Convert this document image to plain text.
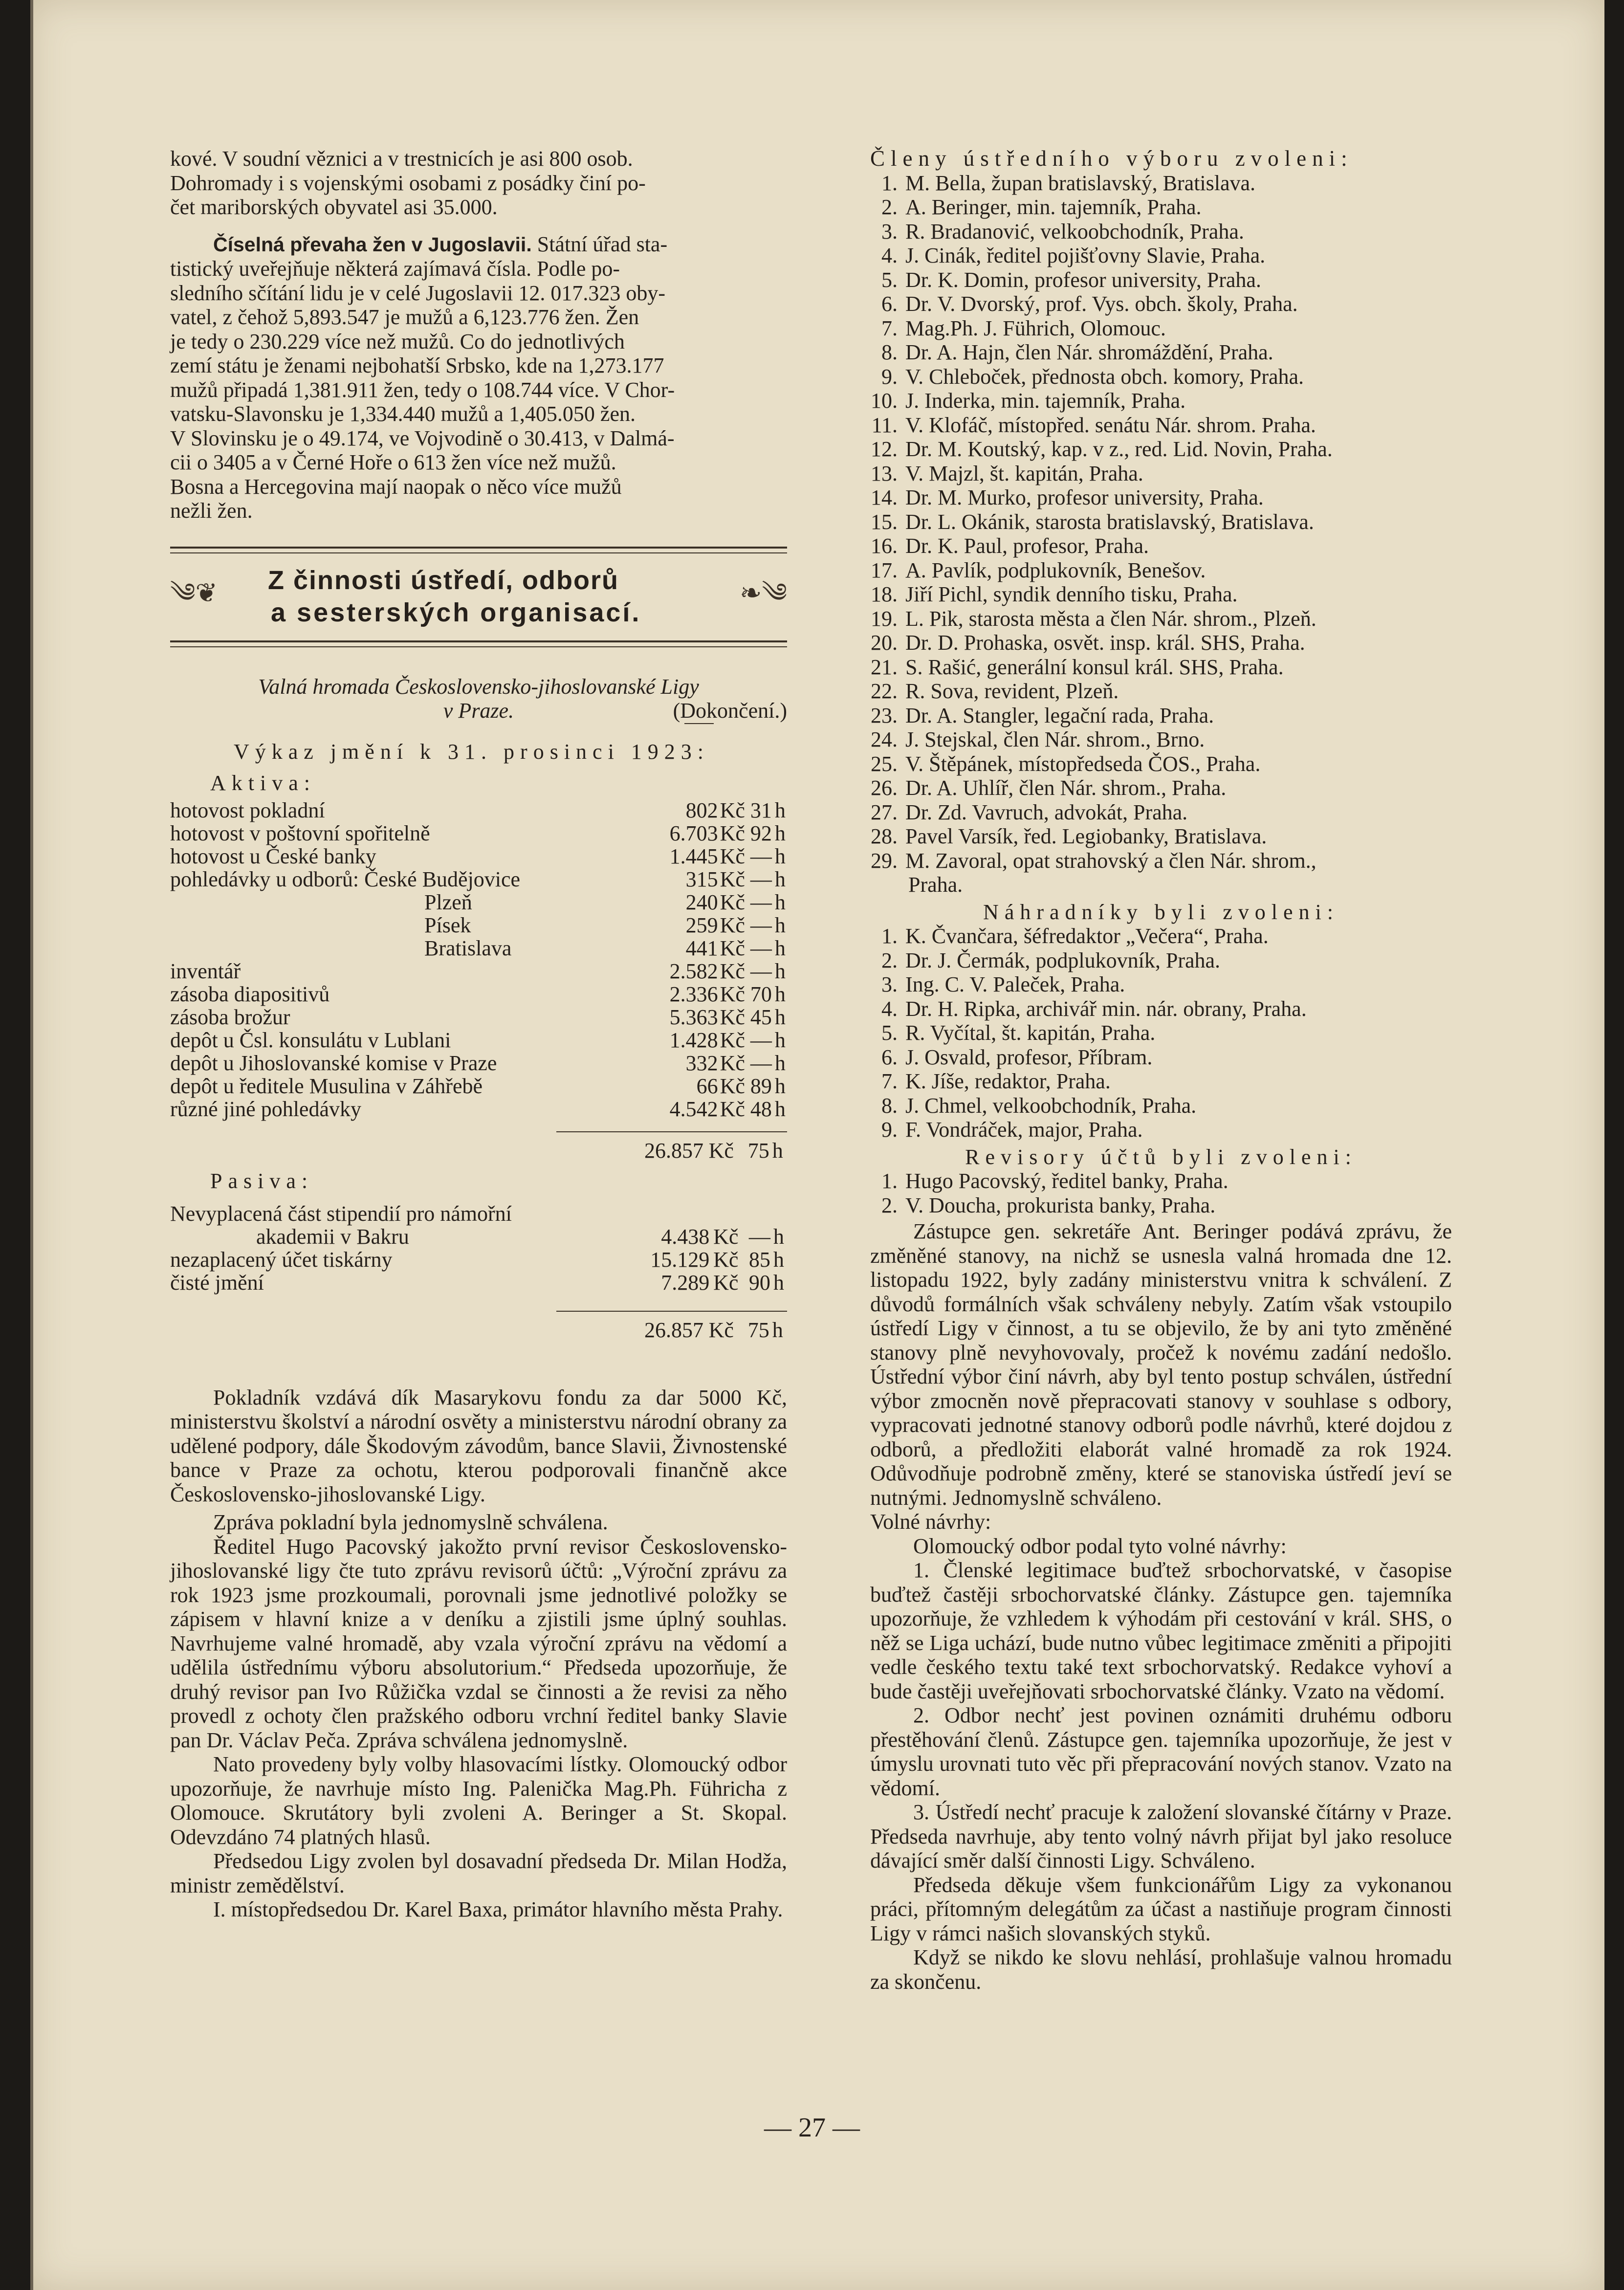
kové. V soudní věznici a v trestnicích je asi 800 osob.

Dohromady i s vojenskými osobami z posádky činí po-

čet mariborských obyvatel asi 35.000.

Číselná převaha žen v Jugoslavii. Státní úřad sta-

tistický uveřejňuje některá zajímavá čísla. Podle po-

sledního sčítání lidu je v celé Jugoslavii 12. 017.323 oby-

vatel, z čehož 5,893.547 je mužů a 6,123.776 žen. Žen

je tedy o 230.229 více než mužů. Co do jednotlivých

zemí státu je ženami nejbohatší Srbsko, kde na 1,273.177

mužů připadá 1,381.911 žen, tedy o 108.744 více. V Chor-

vatsku-Slavonsku je 1,334.440 mužů a 1,405.050 žen.

V Slovinsku je o 49.174, ve Vojvodině o 30.413, v Dalmá-

cii o 3405 a v Černé Hoře o 613 žen více než mužů.

Bosna a Hercegovina mají naopak o něco více mužů

nežli žen.

༄❦ Z činnosti ústředí, odborů
a sesterských organisací.
❧༄
Valná hromada Československo-jihoslovanské Ligy
v Praze.	(Dokončení.)

Výkaz jmění k 31. prosinci 1923:

Aktiva:

hotovost pokladní	802	Kč	31	h
hotovost v poštovní spořitelně	6.703	Kč	92	h
hotovost u České banky	1.445	Kč	—	h
pohledávky u odborů: České Budějovice	315	Kč	—	h
Plzeň	240	Kč	—	h
Písek	259	Kč	—	h
Bratislava	441	Kč	—	h
inventář	2.582	Kč	—	h
zásoba diapositivů	2.336	Kč	70	h
zásoba brožur	5.363	Kč	45	h
depôt u Čsl. konsulátu v Lublani	1.428	Kč	—	h
depôt u Jihoslovanské komise v Praze	332	Kč	—	h
depôt u ředitele Musulina v Záhřebě	66	Kč	89	h
různé jiné pohledávky	4.542	Kč	48	h
	26.857	Kč	75	h

Pasiva:

Nevyplacená část stipendií pro námořní				
akademii v Bakru	4.438	Kč	—	h
nezaplacený účet tiskárny	15.129	Kč	85	h
čisté jmění	7.289	Kč	90	h
	26.857	Kč	75	h

Pokladník vzdává dík Masarykovu fondu za dar 5000 Kč, ministerstvu školství a národní osvěty a ministerstvu národní obrany za udělené podpory, dále Škodovým závodům, bance Slavii, Živnostenské bance v Praze za ochotu, kterou podporovali finančně akce Československo-jihoslovanské Ligy.

Zpráva pokladní byla jednomyslně schválena.

Ředitel Hugo Pacovský jakožto první revisor Československo-jihoslovanské ligy čte tuto zprávu revisorů účtů: „Výroční zprávu za rok 1923 jsme prozkoumali, porovnali jsme jednotlivé položky se zápisem v hlavní knize a v deníku a zjistili jsme úplný souhlas. Navrhujeme valné hromadě, aby vzala výroční zprávu na vědomí a udělila ústřednímu výboru absolutorium.“ Předseda upozorňuje, že druhý revisor pan Ivo Růžička vzdal se činnosti a že revisi za něho provedl z ochoty člen pražského odboru vrchní ředitel banky Slavie pan Dr. Václav Peča. Zpráva schválena jednomyslně.

Nato provedeny byly volby hlasovacími lístky. Olomoucký odbor upozorňuje, že navrhuje místo Ing. Palenička Mag.Ph. Führicha z Olomouce. Skrutátory byli zvoleni A. Beringer a St. Skopal. Odevzdáno 74 platných hlasů.

Předsedou Ligy zvolen byl dosavadní předseda Dr. Milan Hodža, ministr zemědělství.

I. místopředsedou Dr. Karel Baxa, primátor hlavního města Prahy.

Členy ústředního výboru zvoleni:

1. M. Bella, župan bratislavský, Bratislava.

2. A. Beringer, min. tajemník, Praha.

3. R. Bradanović, velkoobchodník, Praha.

4. J. Cinák, ředitel pojišťovny Slavie, Praha.

5. Dr. K. Domin, profesor university, Praha.

6. Dr. V. Dvorský, prof. Vys. obch. školy, Praha.

7. Mag.Ph. J. Führich, Olomouc.

8. Dr. A. Hajn, člen Nár. shromáždění, Praha.

9. V. Chleboček, přednosta obch. komory, Praha.

10. J. Inderka, min. tajemník, Praha.

11. V. Klofáč, místopřed. senátu Nár. shrom. Praha.

12. Dr. M. Koutský, kap. v z., red. Lid. Novin, Praha.

13. V. Majzl, št. kapitán, Praha.

14. Dr. M. Murko, profesor university, Praha.

15. Dr. L. Okánik, starosta bratislavský, Bratislava.

16. Dr. K. Paul, profesor, Praha.

17. A. Pavlík, podplukovník, Benešov.

18. Jiří Pichl, syndik denního tisku, Praha.

19. L. Pik, starosta města a člen Nár. shrom., Plzeň.

20. Dr. D. Prohaska, osvět. insp. král. SHS, Praha.

21. S. Rašić, generální konsul král. SHS, Praha.

22. R. Sova, revident, Plzeň.

23. Dr. A. Stangler, legační rada, Praha.

24. J. Stejskal, člen Nár. shrom., Brno.

25. V. Štěpánek, místopředseda ČOS., Praha.

26. Dr. A. Uhlíř, člen Nár. shrom., Praha.

27. Dr. Zd. Vavruch, advokát, Praha.

28. Pavel Varsík, řed. Legiobanky, Bratislava.

29. M. Zavoral, opat strahovský a člen Nár. shrom.,

Praha.

Náhradníky byli zvoleni:

1. K. Čvančara, šéfredaktor „Večera“, Praha.

2. Dr. J. Čermák, podplukovník, Praha.

3. Ing. C. V. Paleček, Praha.

4. Dr. H. Ripka, archivář min. nár. obrany, Praha.

5. R. Vyčítal, št. kapitán, Praha.

6. J. Osvald, profesor, Příbram.

7. K. Jíše, redaktor, Praha.

8. J. Chmel, velkoobchodník, Praha.

9. F. Vondráček, major, Praha.

Revisory účtů byli zvoleni:

1. Hugo Pacovský, ředitel banky, Praha.

2. V. Doucha, prokurista banky, Praha.

Zástupce gen. sekretáře Ant. Beringer podává zprávu, že změněné stanovy, na nichž se usnesla valná hromada dne 12. listopadu 1922, byly zadány ministerstvu vnitra k schválení. Z důvodů formálních však schváleny nebyly. Zatím však vstoupilo ústředí Ligy v činnost, a tu se objevilo, že by ani tyto změněné stanovy plně nevyhovovaly, pročež k novému zadání nedošlo. Ústřední výbor činí návrh, aby byl tento postup schválen, ústřední výbor zmocněn nově přepracovati stanovy v souhlase s odbory, vypracovati jednotné stanovy odborů podle návrhů, které dojdou z odborů, a předložiti elaborát valné hromadě za rok 1924. Odůvodňuje podrobně změny, které se stanoviska ústředí jeví se nutnými. Jednomyslně schváleno.

Volné návrhy:

Olomoucký odbor podal tyto volné návrhy:

1. Členské legitimace buďtež srbochorvatské, v časopise buďtež častěji srbochorvatské články. Zástupce gen. tajemníka upozorňuje, že vzhledem k výhodám při cestování v král. SHS, o něž se Liga uchází, bude nutno vůbec legitimace změniti a připojiti vedle českého textu také text srbochorvatský. Redakce vyhoví a bude častěji uveřejňovati srbochorvatské články. Vzato na vědomí.

2. Odbor nechť jest povinen oznámiti druhému odboru přestěhování členů. Zástupce gen. tajemníka upozorňuje, že jest v úmyslu urovnati tuto věc při přepracování nových stanov. Vzato na vědomí.

3. Ústředí nechť pracuje k založení slovanské čítárny v Praze. Předseda navrhuje, aby tento volný návrh přijat byl jako resoluce dávající směr další činnosti Ligy. Schváleno.

Předseda děkuje všem funkcionářům Ligy za vykonanou práci, přítomným delegátům za účast a nastiňuje program činnosti Ligy v rámci našich slovanských styků.

Když se nikdo ke slovu nehlásí, prohlašuje valnou hromadu za skončenu.

— 27 —
